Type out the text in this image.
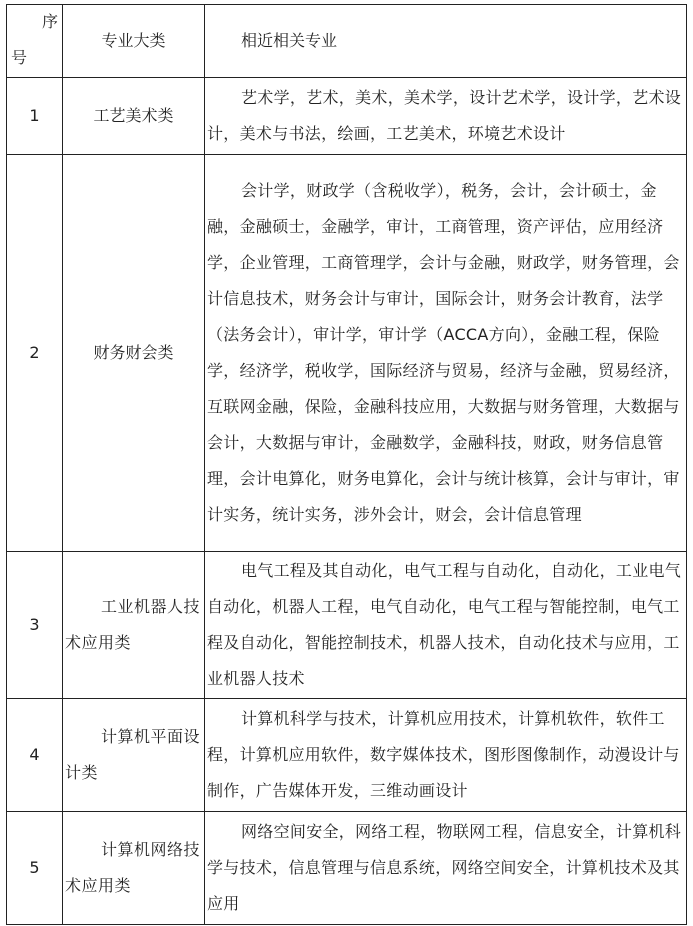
序
号	专业大类	相近相关专业
1	工艺美术类	艺术学，艺术，美术，美术学，设计艺术学，设计学，艺术设计，美术与书法，绘画，工艺美术，环境艺术设计
2	财务财会类	会计学，财政学（含税收学），税务，会计，会计硕士，金融，金融硕士，金融学，审计，工商管理，资产评估，应用经济学，企业管理，工商管理学，会计与金融，财政学，财务管理，会计信息技术，财务会计与审计，国际会计，财务会计教育，法学（法务会计），审计学，审计学（ACCA方向），金融工程，保险学，经济学，税收学，国际经济与贸易，经济与金融，贸易经济，互联网金融，保险，金融科技应用，大数据与财务管理，大数据与会计，大数据与审计，金融数学，金融科技，财政，财务信息管理，会计电算化，财务电算化，会计与统计核算，会计与审计，审计实务，统计实务，涉外会计，财会，会计信息管理
3	工业机器人技术应用类	电气工程及其自动化，电气工程与自动化，自动化，工业电气自动化，机器人工程，电气自动化，电气工程与智能控制，电气工程及自动化，智能控制技术，机器人技术，自动化技术与应用，工业机器人技术
4	计算机平面设计类	计算机科学与技术，计算机应用技术，计算机软件，软件工程，计算机应用软件，数字媒体技术，图形图像制作，动漫设计与制作，广告媒体开发，三维动画设计
5	计算机网络技术应用类	网络空间安全，网络工程，物联网工程，信息安全，计算机科学与技术，信息管理与信息系统，网络空间安全，计算机技术及其应用
